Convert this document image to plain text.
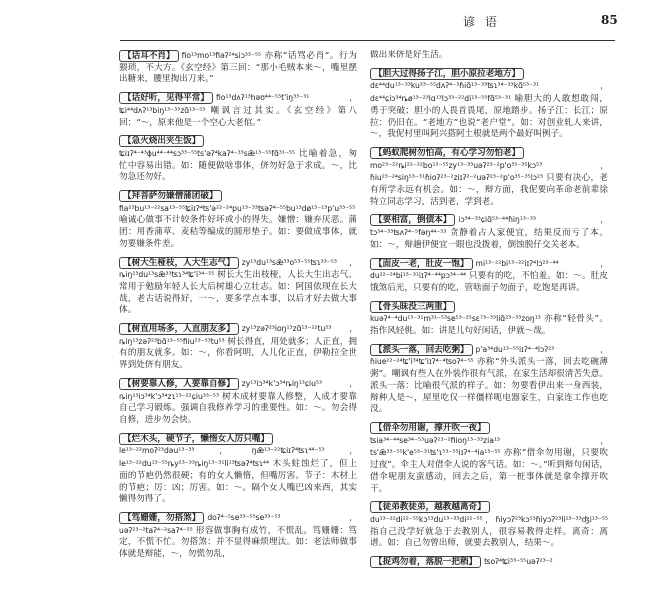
谚 语	85

【话耳不肖】 fio¹³mo¹³fiəʔ²⁴siɔ³³⁻⁵⁵ 亦称“话骂必肖”。行为猥琐，不大方。《玄空经》第三回：“那小毛贼本来～，嘴里摆出糖来，腰里掏出刀来。”

【话好听，见得平常】 fio¹³dʌʔ¹³həʊ⁴⁴⁻⁵⁵t'iŋ³³⁻³¹，ʨi⁴⁴dʌʔ¹³biŋ¹³⁻³³zɑ̃¹³⁻⁵³ 嘲讽言过其实。《玄空经》第八回：“～，原来他是一个空心大老倌。”

【急火烧出夹生饭】ʨiɪʔ⁴⁻⁴³ɸu⁴⁴⁻⁴⁴sɔ³³⁻⁵⁵ts'əʔ⁴kaʔ⁴⁻³³sæ̃¹³⁻⁵⁵fɑ̃³¹⁻⁵⁵ 比喻着急，匆忙中容易出错。如：随便做啥事体，侪勿好急于求成。～，比勿急还勿好。

【拜菩萨勿嫌僧蒲团破】fia²³bu¹³⁻²²sa¹³⁻⁵⁵ʨiɪʔ⁴ʦ'ə²²⁻²⁴pu¹³⁻³³ʦəʔ⁴⁻⁵⁵bu¹³dø¹³⁻¹³p'u³³⁻⁵⁵ 喻诚心做事不计较条件好坏或小的得失。嫌憎：嫌弃厌恶。蒲团：用香蒲草、麦秸等编成的圆形垫子。如：要做成事体，就勿要嫌条件差。

【树大生桠枝，人大生志气】 zy¹³du¹³sæ̃³³o⁵³⁻⁵⁵ʦɿ³³⁻⁵³，ȵiŋ¹³du¹³sæ̃³³ʦɿ³⁴ʨ'i³⁴⁻⁵⁵ 树长大生出枝桠，人长大生出志气。常用于勉励年轻人长大后树雄心立壮志。如：阿国依现在长大哉，老古话说得好，一～，要多学点本事，以后才好去做大事体。

【树直用场多，人直朋友多】 zy¹³zəʔ²³ioŋ¹³zɑ̃¹³⁻²²tu⁵³，ȵiŋ¹³zəʔ²³bɑ̃¹³⁻⁵⁵fiiu²³⁻⁵³tu⁵³ 树长得直，用处就多；人正直，拥有的朋友就多。如：～，你看阿明，人儿化正直，伊勒拉全世界到处侪有朋友。

【树要靠人修，人要靠自修】 zy¹³iɔ³⁴k'ɔ³⁴ȵiŋ¹³ɕiu⁵³，ȵiŋ¹³iɔ³⁴k'ɔ³⁴zɿ¹³⁻²²ɕiu³³⁻⁵³ 树木成材要靠人修整，人成才要靠自己学习锻炼。强调自我修养学习的重要性。如：～。勿会得自修，进步勿会快。

【烂木头，硬节子，懒惰女人厉只嘴】le¹³⁻²²moʔ²³dəu¹³⁻³³，ŋæ̃¹³⁻²²ʨiɪʔ⁴ʦɿ⁴⁴⁻⁵³，le¹³⁻²²du¹³⁻⁵⁵ȵy²³⁻³³ȵiŋ¹³⁻³¹li¹³ʦəʔ⁴ʦɿ⁴⁴ 木头蛀蚀烂了，但上面的节疤仍然很硬；有的女人懒惰，但嘴厉害。节子：木材上的节疤；厉：凶；厉害。如：～。隔个女人嘴巴凶来西，其实懒得勿得了。

【笃姗姗，勿搭煞】 doʔ⁴⁻⁵se³³⁻⁵⁵se³³⁻⁵³，uəʔ²³⁻²taʔ⁴⁻²saʔ⁴⁻⁵⁵ 形容做事胸有成竹，不慌乱。笃姗姗：笃定，不慌不忙。勿搭煞：并不显得麻烦埋汰。如：老法师做事体就是辩能，～，勿慌勿乱，

做出来侪是好生活。

【胆大过得扬子江，胆小原拉老地方】dɛ⁴⁴du¹³⁻³³ku³³⁻⁵⁵dʌʔ⁴⁻³ɦiɑ̃¹³⁻³³ʦɿ³⁴⁻³³kɑ̃⁵³⁻³¹，dɛ⁴⁴ɕiɔ³⁴ȵø¹³⁻²³lɑ¹³lɔ³³⁻²²di¹³⁻⁵⁵fɑ̃⁵³⁻³¹ 喻胆大的人敢想敢闯，勇于突破；胆小的人畏首畏尾，原地踏步。扬子江：长江；原拉：仍旧在。“老地方”也说“老户堂”。如：对创业轧人来讲，～，我伲村里叫阿兴搭阿土根就是两个最好叫例子。

【蚂蚁爬树勿怕高，有心学习勿怕老】mo²³⁻²²ȵi²²⁻²²bo¹³⁻⁵⁵zy¹³⁻³³uəʔ²³⁻²p'o³⁵⁻³⁵kɔ⁵³，ɦiu²³⁻²⁴siŋ⁵³⁻³¹ɦioʔ²³⁻²ziɪʔ²⁻²uəʔ²³⁻²p'o³⁵⁻³⁵lɔ²³ 只要有决心，老有所学永远有机会。如：～，辩方面，我伲要向革命老前辈徐特立同志学习，活到老，学到老。

【要相富，倒债本】 iɔ³⁴⁻³³ɕiɑ̃⁵³⁻⁴⁴ɦiŋ¹³⁻³³，tɔ³⁴⁻³³ʦʌʔ⁴⁻⁵fəŋ⁴⁴⁻⁵³ 贪静着占人家便宜，结果反而亏了本。如：～，辩趟伊便宜一眼也没拨着，倒蚀脱仔交关老本。

【面皮一老，肚皮一饱】 mi¹³⁻²²bi¹³⁻²²iɪʔ⁴lɔ²³⁻⁴⁴，du²²⁻²⁴bi¹³⁻³¹iɪʔ⁴⁻⁴⁴pɔ³⁴⁻⁴⁴ 只要有的吃，不怕羞。如：～。肚皮饿煞后光，只要有的吃，管啥面子勿面子，吃饱是再讲。

【骨头昧没三两重】kuəʔ⁴⁻⁴du¹³⁻³¹m³¹⁻⁵³se⁵³⁻²⁵sɛ⁷³⁻³³liɑ̃²³⁻³³zoŋ¹³ 亦称“轻骨头”。指作风轻佻。如：讲是儿句好闲话，伊就～哉。

【派头一落，回去吃粥】 p'a³⁴du¹³⁻⁵⁵iɪʔ⁴⁻⁴lɔʔ²³，ɦiue²²⁻²⁴ʨ'i³⁴ʨ'iɪʔ⁴⁻⁴ʦoʔ⁴⁻⁵⁵ 亦称“外头派头一落，回去吃碗薄粥”。嘲讽有些人在外装作很有气派，在家生活却很清苦失意。派头一落：比喻很气派的样子。如：勿要看伊出来一身西装，辩种人是～，屋里吃仅一样僵样呃电器家生，白家连工作也吃没。

【借伞勿用谢，撑开吹一夜】ʦia³⁴⁻⁴⁴se³⁴⁻⁵³uəʔ²³⁻²fiioŋ¹³⁻³³zia¹³，ts'æ̃³³⁻⁵⁵k'e⁵³⁻³¹ʦ'ɿ⁵³⁻⁵⁵iɪʔ⁴⁻⁴ia¹³⁻⁵⁵ 亦称“借伞勿用谢，只要吹过夜”。伞主人对借伞人说的客气话。如：～。”听到辩句闲话，借伞呢朋友蛮感动，回去之后，第一桩事体就是拿伞撑开吹干。

【徒弟教徒弟，越教越离奇】du¹³⁻²²di²²⁻⁵⁵kɔ⁵³du¹³⁻³³di²²⁻⁵⁵，ɦiyɔʔ²³kɔ⁵³ɦiyɔʔ²³li¹³⁻³³ʤi¹³⁻⁵⁵ 指自己没学好就急于去教别人，很容易教得走样。离奇：离谱。如：自己勿曾出师，就要去教别人，结果～。

【捉鸡勿着，落脱一把稻】 ʦoʔ⁴ʨi³³⁻⁵⁵uəʔ²³⁻²
